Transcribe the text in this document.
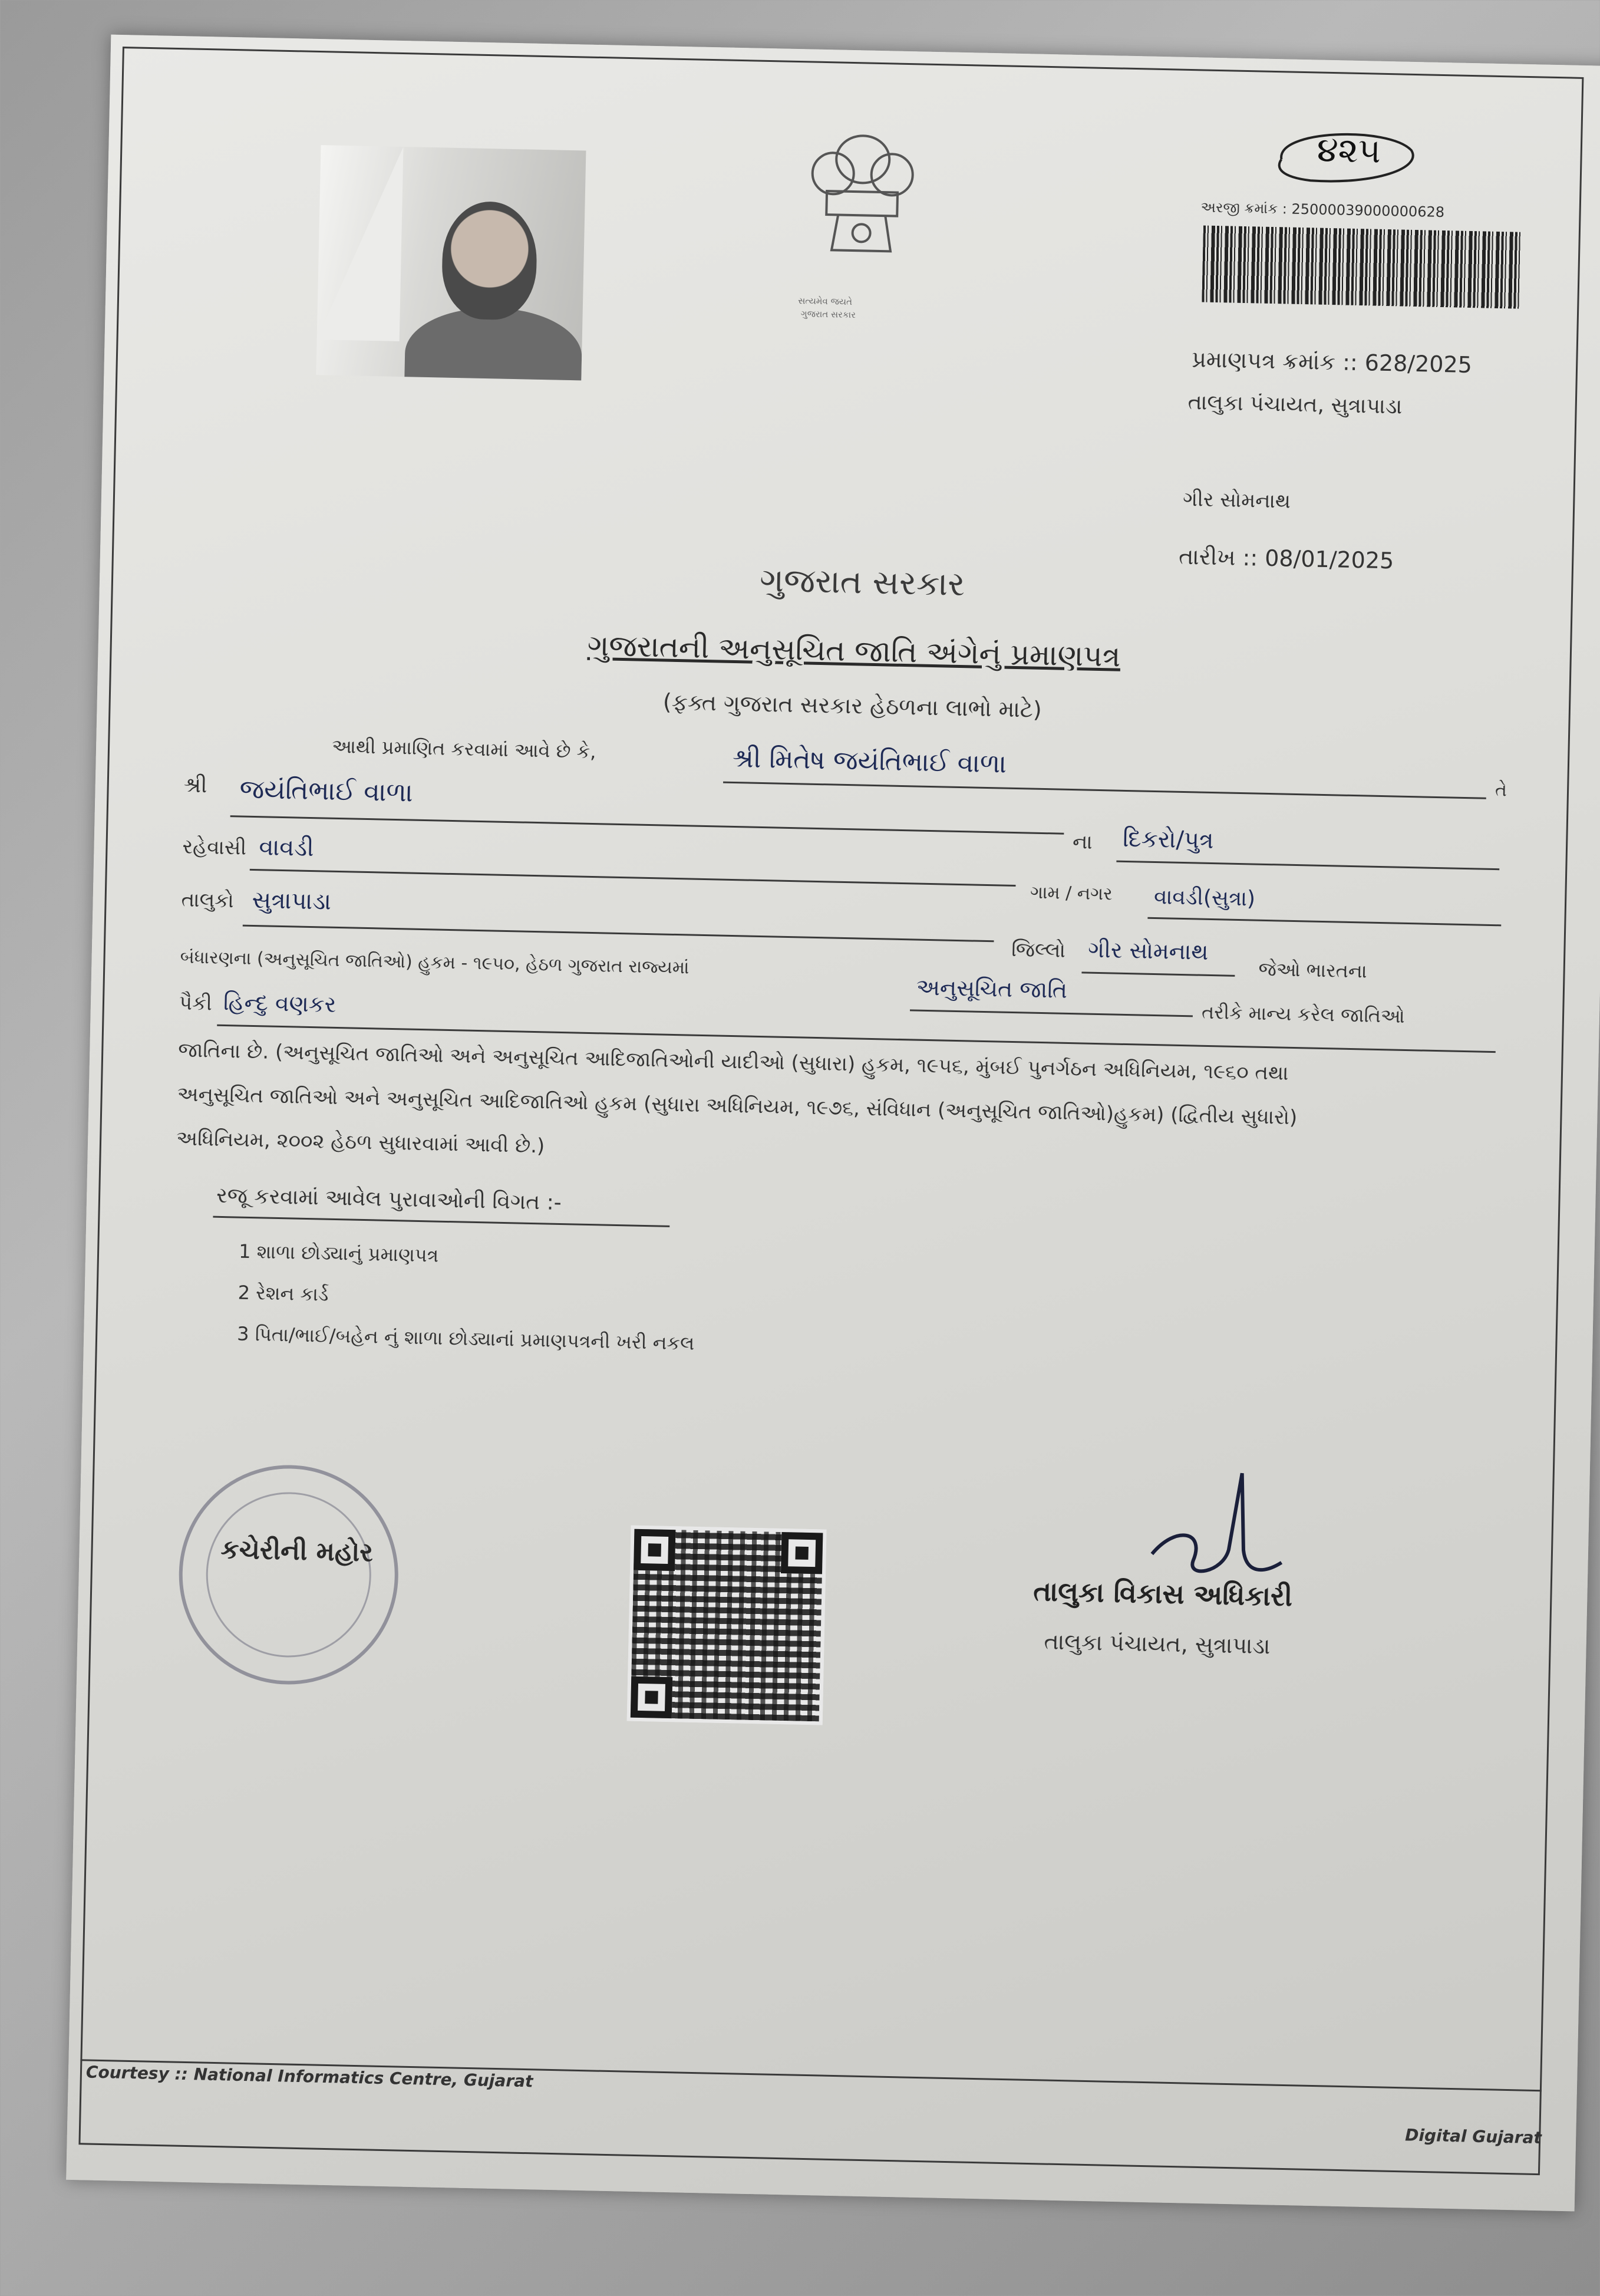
સત્યમેવ જયતે
ગુજરાત સરકાર
૪૨૫
અરજી ક્રમાંક : 25000039000000628
પ્રમાણપત્ર ક્રમાંક :: 628/2025
તાલુકા પંચાયત, સુત્રાપાડા
ગીર સોમનાથ
તારીખ :: 08/01/2025
ગુજરાત સરકાર
ગુજરાતની અનુસૂચિત જાતિ અંગેનું પ્રમાણપત્ર
(ફક્ત ગુજરાત સરકાર હેઠળના લાભો માટે)
આથી પ્રમાણિત કરવામાં આવે છે કે,	શ્રી મિતેષ જયંતિભાઈ વાળા
તે
શ્રી જયંતિભાઈ વાળા
ના દિકરો/પુત્ર
રહેવાસી વાવડી
ગામ / નગર વાવડી(સુત્રા)
તાલુકો સુત્રાપાડા
જિલ્લો ગીર સોમનાથ
જેઓ ભારતના
બંધારણના (અનુસૂચિત જાતિઓ) હુકમ - ૧૯૫૦, હેઠળ ગુજરાત રાજ્યમાં
અનુસૂચિત જાતિ
તરીકે માન્ય કરેલ જાતિઓ
પૈકી હિન્દુ વણકર
જાતિના છે. (અનુસૂચિત જાતિઓ અને અનુસૂચિત આદિજાતિઓની યાદીઓ (સુધારા) હુકમ, ૧૯૫૬, મુંબઈ પુનર્ગઠન અધિનિયમ, ૧૯૬૦ તથા
અનુસૂચિત જાતિઓ અને અનુસૂચિત આદિજાતિઓ હુકમ (સુધારા અધિનિયમ, ૧૯૭૬, સંવિધાન (અનુસૂચિત જાતિઓ)હુકમ) (દ્વિતીય સુધારો)
અધિનિયમ, ૨૦૦૨ હેઠળ સુધારવામાં આવી છે.)
રજૂ કરવામાં આવેલ પુરાવાઓની વિગત :-
1 શાળા છોડ્યાનું પ્રમાણપત્ર
2 રેશન કાર્ડ
3 પિતા/ભાઈ/બહેન નું શાળા છોડ્યાનાં પ્રમાણપત્રની ખરી નકલ
કચેરીની મહોર
તાલુકા વિકાસ અધિકારી
તાલુકા પંચાયત, સુત્રાપાડા
Courtesy :: National Informatics Centre, Gujarat
Digital Gujarat
